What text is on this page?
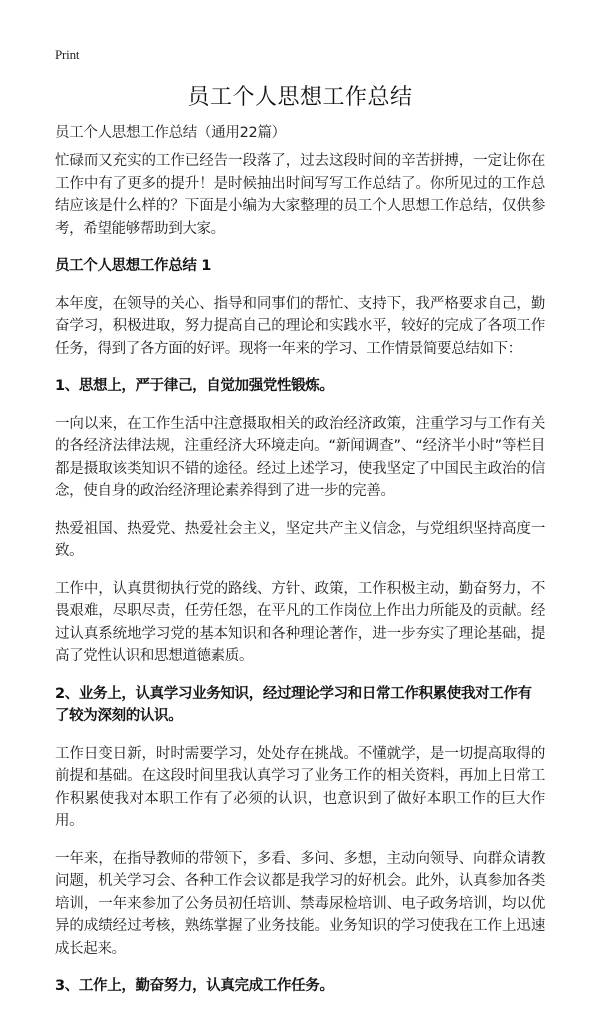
Print
员工个人思想工作总结
员工个人思想工作总结（通用22篇）

忙碌而又充实的工作已经告一段落了，过去这段时间的辛苦拼搏，一定让你在工作中有了更多的提升！是时候抽出时间写写工作总结了。你所见过的工作总结应该是什么样的？下面是小编为大家整理的员工个人思想工作总结，仅供参考，希望能够帮助到大家。

员工个人思想工作总结 1

本年度，在领导的关心、指导和同事们的帮忙、支持下，我严格要求自己，勤奋学习，积极进取，努力提高自己的理论和实践水平，较好的完成了各项工作任务，得到了各方面的好评。现将一年来的学习、工作情景简要总结如下：

1、思想上，严于律己，自觉加强党性锻炼。

一向以来，在工作生活中注意摄取相关的政治经济政策，注重学习与工作有关的各经济法律法规，注重经济大环境走向。“新闻调查”、“经济半小时”等栏目都是摄取该类知识不错的途径。经过上述学习，使我坚定了中国民主政治的信念，使自身的政治经济理论素养得到了进一步的完善。

热爱祖国、热爱党、热爱社会主义，坚定共产主义信念，与党组织坚持高度一致。

工作中，认真贯彻执行党的路线、方针、政策，工作积极主动，勤奋努力，不畏艰难，尽职尽责，任劳任怨，在平凡的工作岗位上作出力所能及的贡献。经过认真系统地学习党的基本知识和各种理论著作，进一步夯实了理论基础，提高了党性认识和思想道德素质。

2、业务上，认真学习业务知识，经过理论学习和日常工作积累使我对工作有了较为深刻的认识。

工作日变日新，时时需要学习，处处存在挑战。不懂就学，是一切提高取得的前提和基础。在这段时间里我认真学习了业务工作的相关资料，再加上日常工作积累使我对本职工作有了必须的认识，也意识到了做好本职工作的巨大作用。

一年来，在指导教师的带领下，多看、多问、多想，主动向领导、向群众请教问题，机关学习会、各种工作会议都是我学习的好机会。此外，认真参加各类培训，一年来参加了公务员初任培训、禁毒尿检培训、电子政务培训，均以优异的成绩经过考核，熟练掌握了业务技能。业务知识的学习使我在工作上迅速成长起来。

3、工作上，勤奋努力，认真完成工作任务。
